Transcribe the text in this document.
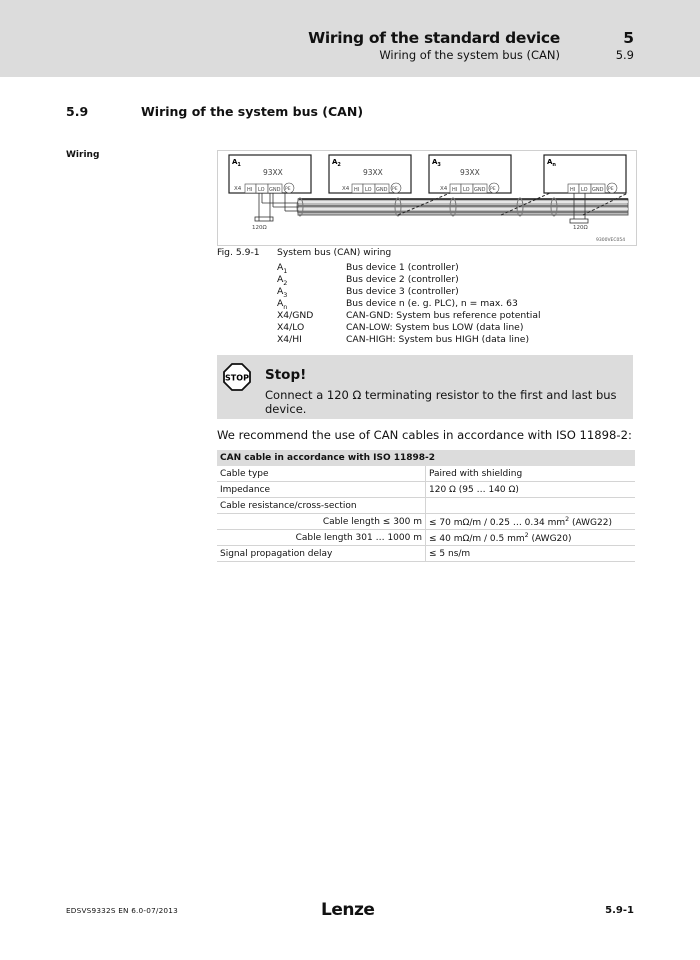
Wiring of the standard device	5
Wiring of the system bus (CAN)	5.9
5.9	Wiring of the system bus (CAN)
Wiring
$A_1$
93XX
X4 HI LO GND PE
$A_2$
93XX
X4 HI LO GND PE
$A_3$
93XX
X4 HI LO GND PE
$A_n$
HI LO GND PE
120Ω	120Ω
9300VEC054
Fig. 5.9-1 System bus (CAN) wiring
$A_1$	Bus device 1 (controller)
$A_2$	Bus device 2 (controller)
$A_3$	Bus device 3 (controller)
$A_n$	Bus device n (e. g. PLC), n = max. 63
X4/GND	CAN-GND: System bus reference potential
X4/LO	CAN-LOW: System bus LOW (data line)
X4/HI	CAN-HIGH: System bus HIGH (data line)
STOP Stop!
Connect a 120 Ω terminating resistor to the first and last bus device.
We recommend the use of CAN cables in accordance with ISO 11898-2:
CAN cable in accordance with ISO 11898-2	
Cable type	Paired with shielding
Impedance	120 Ω (95 … 140 Ω)
Cable resistance/cross-section	
Cable length ≤ 300 m	≤ 70 mΩ/m / 0.25 … 0.34 $mm^2$ (AWG22)
Cable length 301 … 1000 m	≤ 40 mΩ/m / 0.5 $mm^2$ (AWG20)
Signal propagation delay	≤ 5 ns/m
EDSVS9332S EN 6.0-07/2013	Lenze	5.9-1
